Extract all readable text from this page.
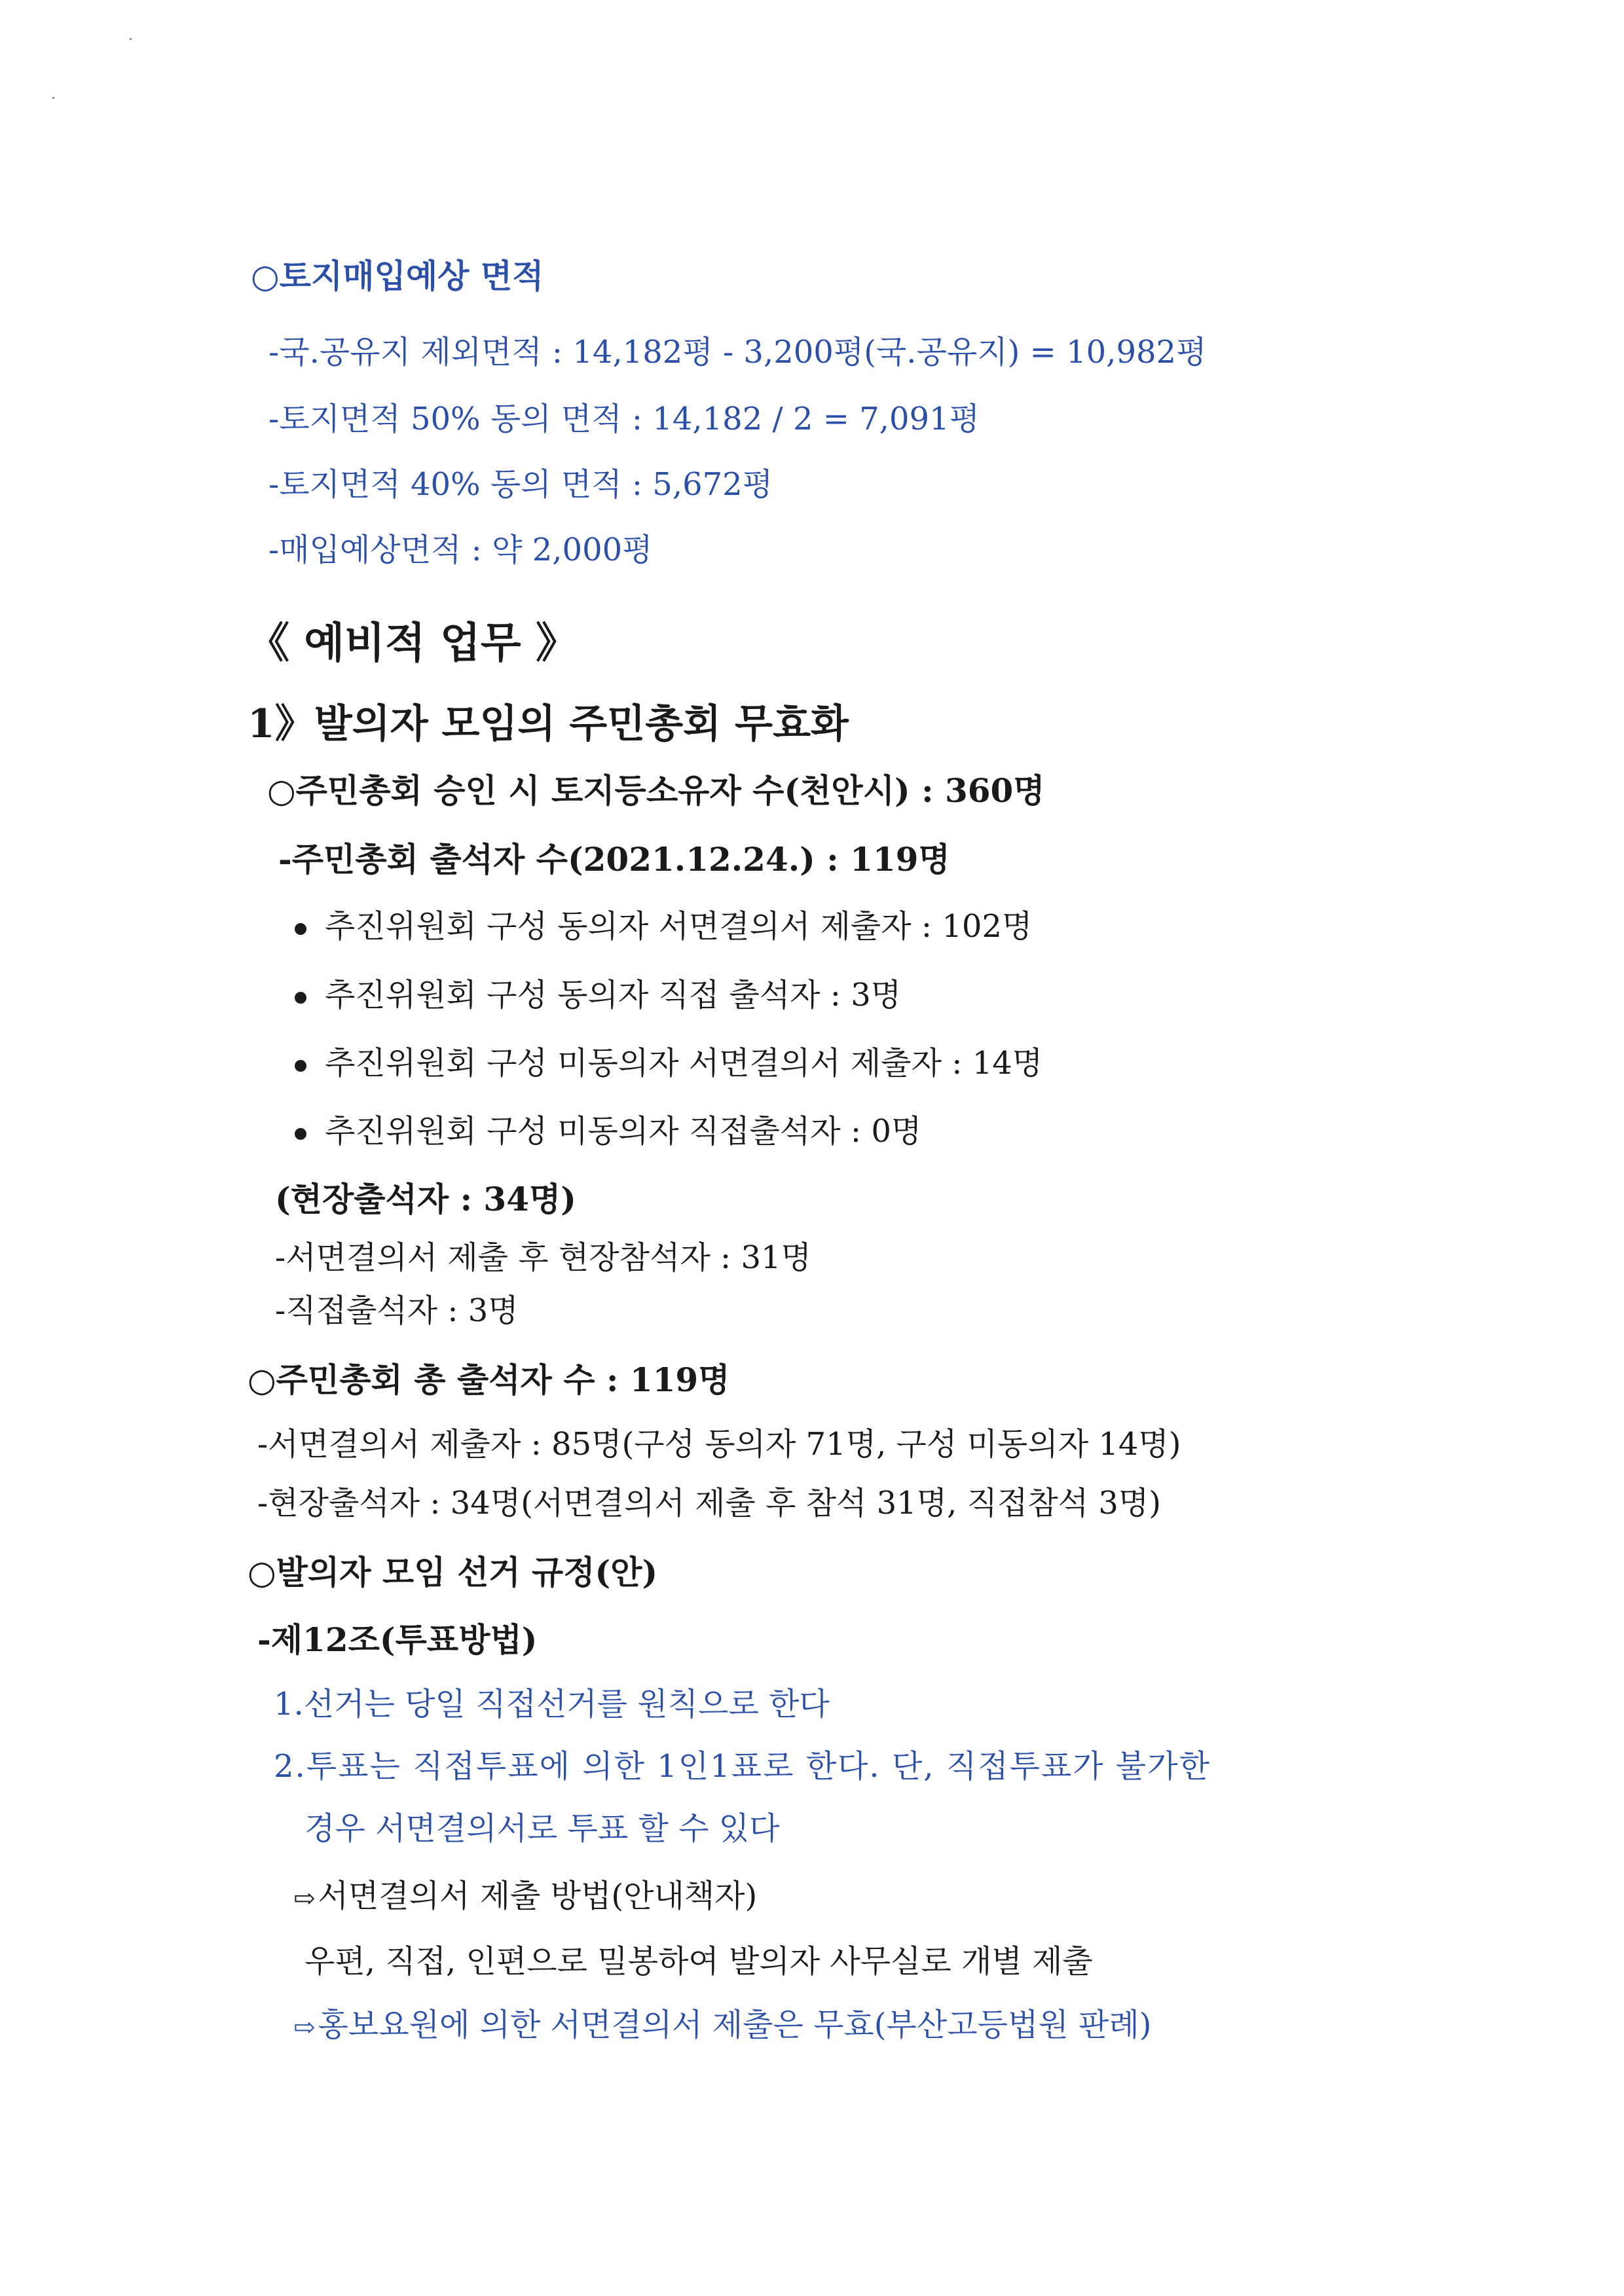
○토지매입예상 면적
-국.공유지 제외면적 : 14,182평 - 3,200평(국.공유지) = 10,982평
-토지면적 50% 동의 면적 : 14,182 / 2 = 7,091평
-토지면적 40% 동의 면적 : 5,672평
-매입예상면적 : 약 2,000평
《 예비적 업무 》
1》발의자 모임의 주민총회 무효화
○주민총회 승인 시 토지등소유자 수(천안시) : 360명
-주민총회 출석자 수(2021.12.24.) : 119명
추진위원회 구성 동의자 서면결의서 제출자 : 102명
추진위원회 구성 동의자 직접 출석자 : 3명
추진위원회 구성 미동의자 서면결의서 제출자 : 14명
추진위원회 구성 미동의자 직접출석자 : 0명
(현장출석자 : 34명)
-서면결의서 제출 후 현장참석자 : 31명
-직접출석자 : 3명
○주민총회 총 출석자 수 : 119명
-서면결의서 제출자 : 85명(구성 동의자 71명, 구성 미동의자 14명)
-현장출석자 : 34명(서면결의서 제출 후 참석 31명, 직접참석 3명)
○발의자 모임 선거 규정(안)
-제12조(투표방법)
1.선거는 당일 직접선거를 원칙으로 한다
2.투표는 직접투표에 의한 1인1표로 한다. 단, 직접투표가 불가한
경우 서면결의서로 투표 할 수 있다
⇨서면결의서 제출 방법(안내책자)
우편, 직접, 인편으로 밀봉하여 발의자 사무실로 개별 제출
⇨홍보요원에 의한 서면결의서 제출은 무효(부산고등법원 판례)
